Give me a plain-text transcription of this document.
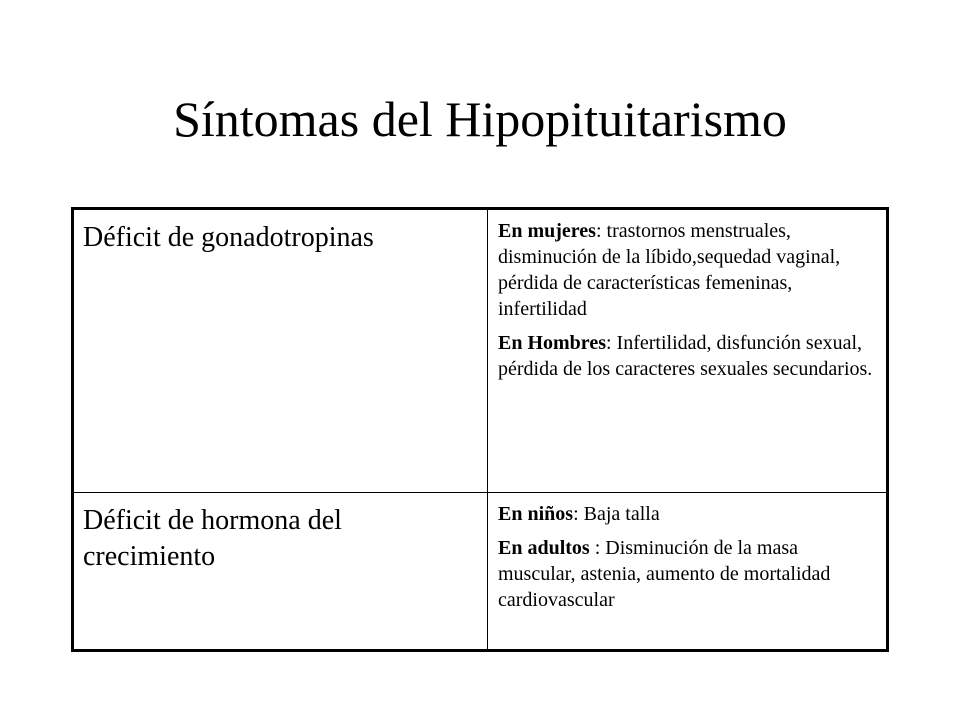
Síntomas del Hipopituitarismo
Déficit de gonadotropinas	En mujeres: trastornos menstruales, disminución de la líbido,sequedad vaginal, pérdida de características femeninas, infertilidad

En Hombres: Infertilidad, disfunción sexual, pérdida de los caracteres sexuales secundarios.

Déficit de hormona del crecimiento	En niños: Baja talla

En adultos : Disminución de la masa muscular, astenia, aumento de mortalidad cardiovascular
